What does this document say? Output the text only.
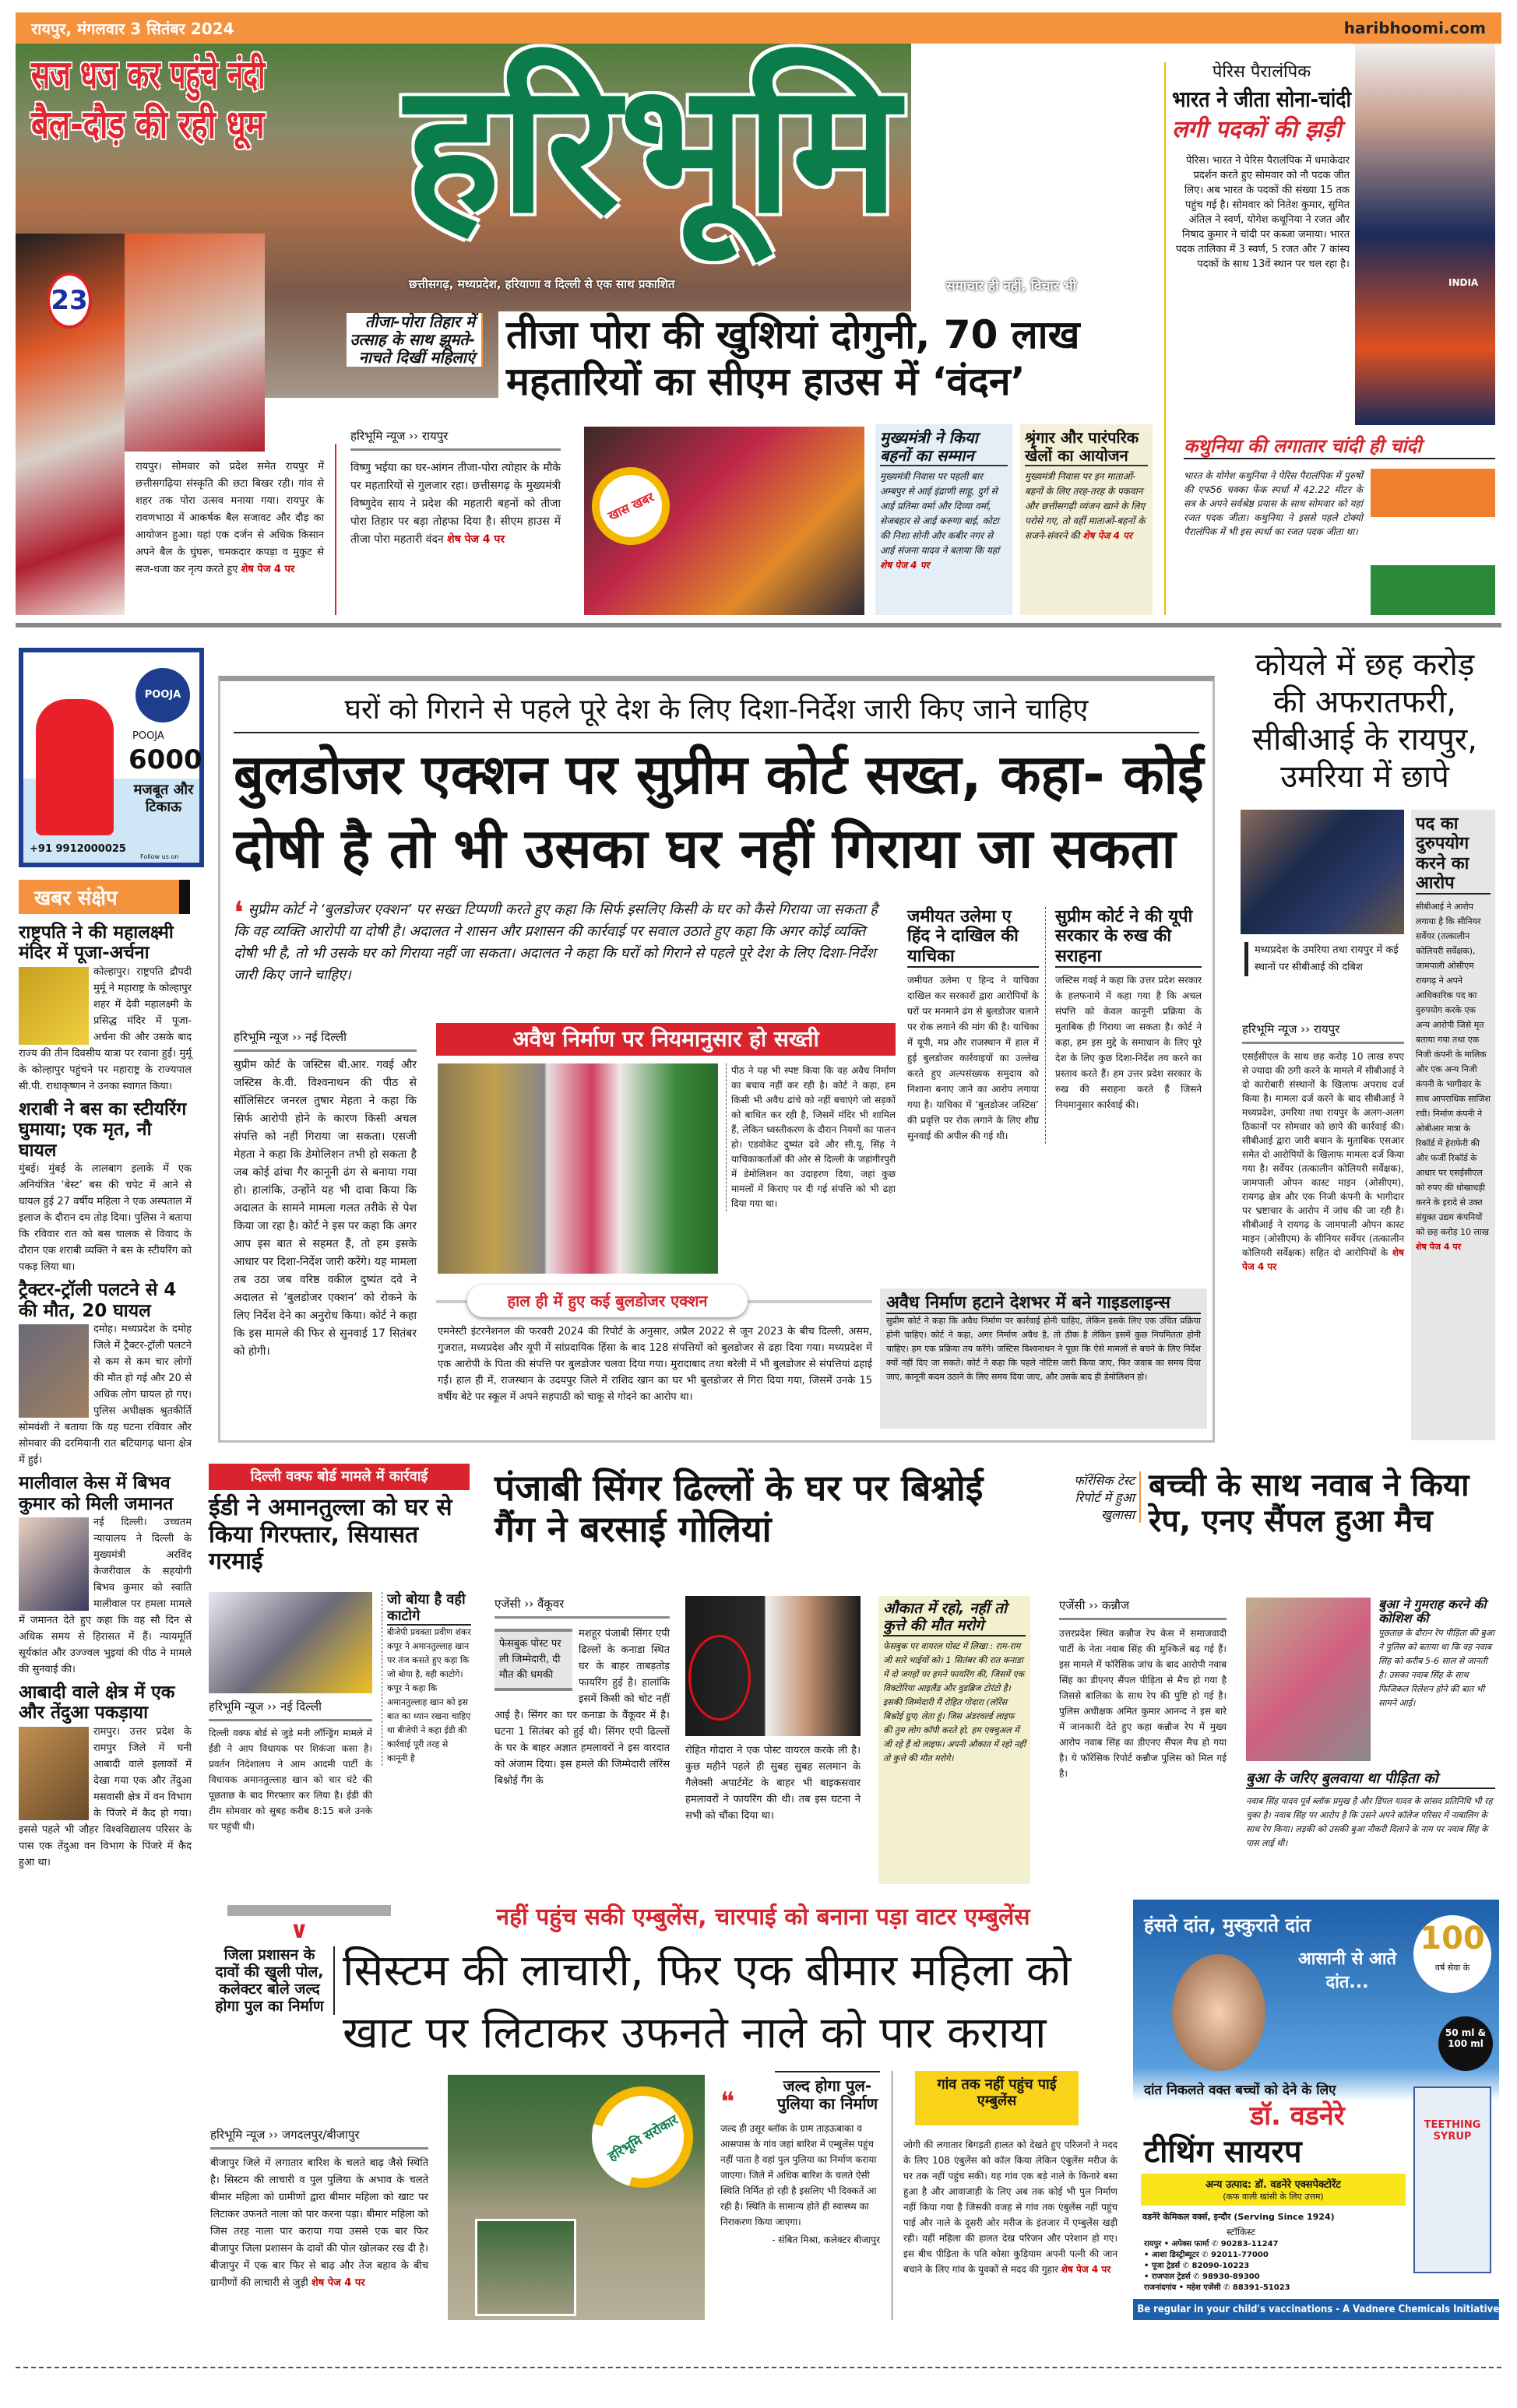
रायपुर, मंगलवार 3 सितंबर 2024	haribhoomi.com
23
सज धज कर पहुंचे नंदी
बैल-दौड़ की रही धूम हरिभूमि
छत्तीसगढ़, मध्यप्रदेश, हरियाणा व दिल्ली से एक साथ प्रकाशित	समाचार ही नहीं, विचार भी
रायपुर। सोमवार को प्रदेश समेत रायपुर में छत्तीसगढ़िया संस्कृति की छटा बिखर रही। गांव से शहर तक पोरा उत्सव मनाया गया। रायपुर के रावणभाठा में आकर्षक बैल सजावट और दौड़ का आयोजन हुआ। यहां एक दर्जन से अधिक किसान अपने बैल के घुंघरू, चमकदार कपड़ा व मुकुट से सज-धजा कर नृत्य करते हुए शेष पेज 4 पर
तीजा-पोरा तिहार में उत्साह के साथ झूमते-नाचते दिखीं महिलाएं तीजा पोरा की खुशियां दोगुनी, 70 लाख
महतारियों का सीएम हाउस में ‘वंदन’
हरिभूमि न्यूज ›› रायपुर
विष्णु भईया का घर-आंगन तीजा-पोरा त्योहार के मौके पर महतारियों से गुलजार रहा। छत्तीसगढ़ के मुख्यमंत्री विष्णुदेव साय ने प्रदेश की महतारी बहनों को तीजा पोरा तिहार पर बड़ा तोहफा दिया है। सीएम हाउस में तीजा पोरा महतारी वंदन शेष पेज 4 पर
खास खबर
मुख्यमंत्री ने किया बहनों का सम्मान
मुख्यमंत्री निवास पर पहली बार अम्बपुर से आई इंद्राणी साहू, दुर्ग से आई प्रतिमा वर्मा और दिव्या वर्मा, सेजबहार से आई करुणा बाई, कोटा की निशा सोनी और कबीर नगर से आई संजना यादव ने बताया कि यहां शेष पेज 4 पर
श्रृंगार और पारंपरिक खेलों का आयोजन
मुख्यमंत्री निवास पर इन माताओं-बहनों के लिए तरह-तरह के पकवान और छत्तीसगढ़ी व्यंजन खाने के लिए परोसे गए, तो वहीं माताओं-बहनों के सजने-संवरने की शेष पेज 4 पर
INDIA
पेरिस पैरालंपिक
भारत ने जीता सोना-चांदी
लगी पदकों की झड़ी
पेरिस। भारत ने पेरिस पैरालंपिक में धमाकेदार प्रदर्शन करते हुए सोमवार को नौ पदक जीत लिए। अब भारत के पदकों की संख्या 15 तक पहुंच गई है। सोमवार को नितेश कुमार, सुमित अंतिल ने स्वर्ण, योगेश कथूनिया ने रजत और निषाद कुमार ने चांदी पर कब्जा जमाया। भारत पदक तालिका में 3 स्वर्ण, 5 रजत और 7 कांस्य पदकों के साथ 13वें स्थान पर चल रहा है।
कथुनिया की लगातार चांदी ही चांदी
भारत के योगेश कथुनिया ने पेरिस पैरालंपिक में पुरुषों की एफ56 चक्का फेंक स्पर्धा में 42.22 मीटर के सत्र के अपने सर्वश्रेष्ठ प्रयास के साथ सोमवार को यहां रजत पदक जीता। कथुनिया ने इससे पहले टोक्यो पैरालंपिक में भी इस स्पर्धा का रजत पदक जीता था।
POOJA
POOJA
6000
मजबूत और टिकाऊ
+91 9912000025
Follow us on
खबर संक्षेप
राष्ट्रपति ने की महालक्ष्मी मंदिर में पूजा-अर्चना
कोल्हापुर। राष्ट्रपति द्रौपदी मुर्मू ने महाराष्ट्र के कोल्हापुर शहर में देवी महालक्ष्मी के प्रसिद्ध मंदिर में पूजा-अर्चना की और उसके बाद राज्य की तीन दिवसीय यात्रा पर रवाना हुईं। मुर्मू के कोल्हापुर पहुंचने पर महाराष्ट्र के राज्यपाल सी.पी. राधाकृष्णन ने उनका स्वागत किया।
शराबी ने बस का स्टीयरिंग घुमाया; एक मृत, नौ घायल
मुंबई। मुंबई के लालबाग इलाके में एक अनियंत्रित ‘बेस्ट’ बस की चपेट में आने से घायल हुई 27 वर्षीय महिला ने एक अस्पताल में इलाज के दौरान दम तोड़ दिया। पुलिस ने बताया कि रविवार रात को बस चालक से विवाद के दौरान एक शराबी व्यक्ति ने बस के स्टीयरिंग को पकड़ लिया था।
ट्रैक्टर-ट्रॉली पलटने से 4 की मौत, 20 घायल
दमोह। मध्यप्रदेश के दमोह जिले में ट्रैक्टर-ट्रॉली पलटने से कम से कम चार लोगों की मौत हो गई और 20 से अधिक लोग घायल हो गए। पुलिस अधीक्षक श्रुतकीर्ति सोमवंशी ने बताया कि यह घटना रविवार और सोमवार की दरमियानी रात बटियागढ़ थाना क्षेत्र में हुई।
मालीवाल केस में बिभव कुमार को मिली जमानत
नई दिल्ली। उच्चतम न्यायालय ने दिल्ली के मुख्यमंत्री अरविंद केजरीवाल के सहयोगी बिभव कुमार को स्वाति मालीवाल पर हमला मामले में जमानत देते हुए कहा कि वह सौ दिन से अधिक समय से हिरासत में हैं। न्यायमूर्ति सूर्यकांत और उज्ज्वल भुइयां की पीठ ने मामले की सुनवाई की।
आबादी वाले क्षेत्र में एक और तेंदुआ पकड़ाया
रामपुर। उत्तर प्रदेश के रामपुर जिले में घनी आबादी वाले इलाकों में देखा गया एक और तेंदुआ मसवासी क्षेत्र में वन विभाग के पिंजरे में कैद हो गया। इससे पहले भी जौहर विश्वविद्यालय परिसर के पास एक तेंदुआ वन विभाग के पिंजरे में कैद हुआ था।
घरों को गिराने से पहले पूरे देश के लिए दिशा-निर्देश जारी किए जाने चाहिए
बुलडोजर एक्शन पर सुप्रीम कोर्ट सख्त, कहा- कोई
दोषी है तो भी उसका घर नहीं गिराया जा सकता
❛ सुप्रीम कोर्ट ने ‘बुलडोजर एक्शन’ पर सख्त टिप्पणी करते हुए कहा कि सिर्फ इसलिए किसी के घर को कैसे गिराया जा सकता है कि वह व्यक्ति आरोपी या दोषी है। अदालत ने शासन और प्रशासन की कार्रवाई पर सवाल उठाते हुए कहा कि अगर कोई व्यक्ति दोषी भी है, तो भी उसके घर को गिराया नहीं जा सकता। अदालत ने कहा कि घरों को गिराने से पहले पूरे देश के लिए दिशा-निर्देश जारी किए जाने चाहिए।
हरिभूमि न्यूज ›› नई दिल्ली
सुप्रीम कोर्ट के जस्टिस बी.आर. गवई और जस्टिस के.वी. विश्वनाथन की पीठ से सॉलिसिटर जनरल तुषार मेहता ने कहा कि सिर्फ आरोपी होने के कारण किसी अचल संपत्ति को नहीं गिराया जा सकता। एसजी मेहता ने कहा कि डेमोलिशन तभी हो सकता है जब कोई ढांचा गैर कानूनी ढंग से बनाया गया हो। हालांकि, उन्होंने यह भी दावा किया कि अदालत के सामने मामला गलत तरीके से पेश किया जा रहा है। कोर्ट ने इस पर कहा कि अगर आप इस बात से सहमत हैं, तो हम इसके आधार पर दिशा-निर्देश जारी करेंगे। यह मामला तब उठा जब वरिष्ठ वकील दुष्यंत दवे ने अदालत से ‘बुलडोजर एक्शन’ को रोकने के लिए निर्देश देने का अनुरोध किया। कोर्ट ने कहा कि इस मामले की फिर से सुनवाई 17 सितंबर को होगी।
अवैध निर्माण पर नियमानुसार हो सख्ती
पीठ ने यह भी स्पष्ट किया कि वह अवैध निर्माण का बचाव नहीं कर रही है। कोर्ट ने कहा, हम किसी भी अवैध ढांचे को नहीं बचाएंगे जो सड़कों को बाधित कर रही है, जिसमें मंदिर भी शामिल हैं, लेकिन ध्वस्तीकरण के दौरान नियमों का पालन हो। एडवोकेट दुष्यंत दवे और सी.यू. सिंह ने याचिकाकर्ताओं की ओर से दिल्ली के जहांगीरपुरी में डेमोलिशन का उदाहरण दिया, जहां कुछ मामलों में किराए पर दी गई संपत्ति को भी ढहा दिया गया था।
हाल ही में हुए कई बुलडोजर एक्शन
एमनेस्टी इंटरनेशनल की फरवरी 2024 की रिपोर्ट के अनुसार, अप्रैल 2022 से जून 2023 के बीच दिल्ली, असम, गुजरात, मध्यप्रदेश और यूपी में सांप्रदायिक हिंसा के बाद 128 संपत्तियों को बुलडोजर से ढहा दिया गया। मध्यप्रदेश में एक आरोपी के पिता की संपत्ति पर बुलडोजर चलवा दिया गया। मुरादाबाद तथा बरेली में भी बुलडोजर से संपत्तियां ढहाई गईं। हाल ही में, राजस्थान के उदयपुर जिले में राशिद खान का घर भी बुलडोजर से गिरा दिया गया, जिसमें उनके 15 वर्षीय बेटे पर स्कूल में अपने सहपाठी को चाकू से गोदने का आरोप था।
जमीयत उलेमा ए हिंद ने दाखिल की याचिका
जमीयत उलेमा ए हिन्द ने याचिका दाखिल कर सरकारों द्वारा आरोपियों के घरों पर मनमाने ढंग से बुलडोजर चलाने पर रोक लगाने की मांग की है। याचिका में यूपी, मप्र और राजस्थान में हाल में हुई बुलडोजर कार्रवाइयों का उल्लेख करते हुए अल्पसंख्यक समुदाय को निशाना बनाए जाने का आरोप लगाया गया है। याचिका में ‘बुलडोजर जस्टिस’ की प्रवृत्ति पर रोक लगाने के लिए शीघ्र सुनवाई की अपील की गई थी।
सुप्रीम कोर्ट ने की यूपी सरकार के रुख की सराहना
जस्टिस गवई ने कहा कि उत्तर प्रदेश सरकार के हलफनामे में कहा गया है कि अचल संपत्ति को केवल कानूनी प्रक्रिया के मुताबिक ही गिराया जा सकता है। कोर्ट ने कहा, हम इस मुद्दे के समाधान के लिए पूरे देश के लिए कुछ दिशा-निर्देश तय करने का प्रस्ताव करते हैं। हम उत्तर प्रदेश सरकार के रुख की सराहना करते हैं जिसने नियमानुसार कार्रवाई की।
अवैध निर्माण हटाने देशभर में बने गाइडलाइन्स
सुप्रीम कोर्ट ने कहा कि अवैध निर्माण पर कार्रवाई होनी चाहिए, लेकिन इसके लिए एक उचित प्रक्रिया होनी चाहिए। कोर्ट ने कहा, अगर निर्माण अवैध है, तो ठीक है लेकिन इसमें कुछ नियमितता होनी चाहिए। हम एक प्रक्रिया तय करेंगे। जस्टिस विश्वनाथन ने पूछा कि ऐसे मामलों से बचने के लिए निर्देश क्यों नहीं दिए जा सकते। कोर्ट ने कहा कि पहले नोटिस जारी किया जाए, फिर जवाब का समय दिया जाए, कानूनी कदम उठाने के लिए समय दिया जाए, और उसके बाद ही डेमोलिशन हो।
कोयले में छह करोड़ की अफरातफरी, सीबीआई के रायपुर, उमरिया में छापे
पद का दुरुपयोग करने का आरोप
सीबीआई ने आरोप लगाया है कि सीनियर सर्वेयर (तत्कालीन कोलियरी सर्वेक्षक), जामपाली ओसीएम रायगढ़ ने अपने आधिकारिक पद का दुरुपयोग करके एक अन्य आरोपी जिसे मृत बताया गया तथा एक निजी कंपनी के मालिक और एक अन्य निजी कंपनी के भागीदार के साथ आपराधिक साजिश रची। निर्माण कंपनी ने ओबीआर मात्रा के रिकॉर्ड में हेराफेरी की और फर्जी रिकॉर्ड के आधार पर एसईसीएल को रुपए की धोखाधड़ी करने के इरादे से उक्त संयुक्त उद्यम कंपनियों को छह करोड़ 10 लाख शेष पेज 4 पर
मध्यप्रदेश के उमरिया तथा रायपुर में कई स्थानों पर सीबीआई की दबिश
हरिभूमि न्यूज ›› रायपुर
एसईसीएल के साथ छह करोड़ 10 लाख रुपए से ज्यादा की ठगी करने के मामले में सीबीआई ने दो कारोबारी संस्थानों के खिलाफ अपराध दर्ज किया है। मामला दर्ज करने के बाद सीबीआई ने मध्यप्रदेश, उमरिया तथा रायपुर के अलग-अलग ठिकानों पर सोमवार को छापे की कार्रवाई की। सीबीआई द्वारा जारी बयान के मुताबिक एसआर समेत दो आरोपियों के खिलाफ मामला दर्ज किया गया है। सर्वेयर (तत्कालीन कोलियरी सर्वेक्षक), जामपाली ओपन कास्ट माइन (ओसीएम), रायगढ़ क्षेत्र और एक निजी कंपनी के भागीदार पर भ्रष्टाचार के आरोप में जांच की जा रही है। सीबीआई ने रायगढ़ के जामपाली ओपन कास्ट माइन (ओसीएम) के सीनियर सर्वेयर (तत्कालीन कोलियरी सर्वेक्षक) सहित दो आरोपियों के शेष पेज 4 पर
दिल्ली वक्फ बोर्ड मामले में कार्रवाई
ईडी ने अमानतुल्ला को घर से किया गिरफ्तार, सियासत गरमाई
जो बोया है वही काटोगे
बीजेपी प्रवक्ता प्रवीण शंकर कपूर ने अमानतुल्लाह खान पर तंज कसते हुए कहा कि जो बोया है, वही काटोगे। कपूर ने कहा कि अमानतुल्लाह खान को इस बात का ध्यान रखना चाहिए था बीजेपी ने कहा ईडी की कार्रवाई पूरी तरह से कानूनी है
हरिभूमि न्यूज ›› नई दिल्ली
दिल्ली वक्फ बोर्ड से जुड़े मनी लॉन्ड्रिंग मामले में ईडी ने आप विधायक पर शिकंजा कसा है। प्रवर्तन निदेशालय ने आम आदमी पार्टी के विधायक अमानतुल्लाह खान को चार घंटे की पूछताछ के बाद गिरफ्तार कर लिया है। ईडी की टीम सोमवार को सुबह करीब 8:15 बजे उनके घर पहुंची थी।
पंजाबी सिंगर ढिल्लों के घर पर बिश्नोई गैंग ने बरसाई गोलियां
एजेंसी ›› वैंकूवर
फेसबुक पोस्ट पर ली जिम्मेदारी, दी मौत की धमकी
मशहूर पंजाबी सिंगर एपी ढिल्लों के कनाडा स्थित घर के बाहर ताबड़तोड़ फायरिंग हुई है। हालांकि इसमें किसी को चोट नहीं आई है। सिंगर का घर कनाडा के वैंकूवर में है। घटना 1 सितंबर को हुई थी। सिंगर एपी ढिल्लों के घर के बाहर अज्ञात हमलावरों ने इस वारदात को अंजाम दिया। इस हमले की जिम्मेदारी लॉरेंस बिश्नोई गैंग के
रोहित गोदारा ने एक पोस्ट वायरल करके ली है। कुछ महीने पहले ही सुबह सुबह सलमान के गैलेक्सी अपार्टमेंट के बाहर भी बाइकसवार हमलावरों ने फायरिंग की थी। तब इस घटना ने सभी को चौंका दिया था।
औकात में रहो, नहीं तो कुत्ते की मौत मरोगे
फेसबुक पर वायरल पोस्ट में लिखा : राम-राम जी सारे भाईयों को। 1 सितंबर की रात कनाडा में दो जगहों पर हमने फायरिंग की, जिसमें एक विक्टोरिया आइलैंड और वुडब्रिज टोरंटो है। इसकी जिम्मेदारी मैं रोहित गोदारा (लॉरेंस बिश्नोई ग्रुप) लेता हूं। जिस अंडरवर्ल्ड लाइफ की तुम लोग कॉपी करते हो, हम एक्चुअल में जी रहे हैं वो लाइफ। अपनी औकात में रहो नहीं तो कुत्ते की मौत मरोगे।
फॉरेंसिक टेस्ट रिपोर्ट में हुआ खुलासा
बच्ची के साथ नवाब ने किया रेप, एनए सैंपल हुआ मैच
एजेंसी ›› कन्नौज
उत्तरप्रदेश स्थित कन्नौज रेप केस में समाजवादी पार्टी के नेता नवाब सिंह की मुश्किलें बढ़ गई हैं। इस मामले में फॉरेंसिक जांच के बाद आरोपी नवाब सिंह का डीएनए सैंपल पीड़िता से मैच हो गया है जिससे बालिका के साथ रेप की पुष्टि हो गई है। पुलिस अधीक्षक अमित कुमार आनन्द ने इस बारे में जानकारी देते हुए कहा कन्नौज रेप में मुख्य आरोप नवाब सिंह का डीएनए सैंपल मैच हो गया है। ये फॉरेंसिक रिपोर्ट कन्नौज पुलिस को मिल गई है।
बुआ ने गुमराह करने की कोशिश की
पूछताछ के दौरान रेप पीड़िता की बुआ ने पुलिस को बताया था कि वह नवाब सिंह को करीब 5-6 साल से जानती है। उसका नवाब सिंह के साथ फिजिकल रिलेशन होने की बात भी सामने आई।
बुआ के जरिए बुलवाया था पीड़िता को
नवाब सिंह यादव पूर्व ब्लॉक प्रमुख है और डिंपल यादव के सांसद प्रतिनिधि भी रह चुका है। नवाब सिंह पर आरोप है कि उसने अपने कॉलेज परिसर में नाबालिग के साथ रेप किया। लड़की को उसकी बुआ नौकरी दिलाने के नाम पर नवाब सिंह के पास लाई थी।
∨	नहीं पहुंच सकी एम्बुलेंस, चारपाई को बनाना पड़ा वाटर एम्बुलेंस
जिला प्रशासन के दावों की खुली पोल, कलेक्टर बोले जल्द होगा पुल का निर्माण
सिस्टम की लाचारी, फिर एक बीमार महिला को
खाट पर लिटाकर उफनते नाले को पार कराया
हरिभूमि न्यूज ›› जगदलपुर/बीजापुर
बीजापुर जिले में लगातार बारिश के चलते बाढ़ जैसे स्थिति है। सिस्टम की लाचारी व पुल पुलिया के अभाव के चलते बीमार महिला को ग्रामीणों द्वारा बीमार महिला को खाट पर लिटाकर उफनते नाला को पार करना पड़ा। बीमार महिला को जिस तरह नाला पार कराया गया उससे एक बार फिर बीजापुर जिला प्रशासन के दावों की पोल खोलकर रख दी है। बीजापुर में एक बार फिर से बाढ़ और तेज बहाव के बीच ग्रामीणों की लाचारी से जुड़ी शेष पेज 4 पर
हरिभूमि सरोकार
❝
जल्द होगा पुल-पुलिया का निर्माण
जल्द ही उसूर ब्लॉक के ग्राम ताड़ऊबाका व आसपास के गांव जहां बारिश में एम्बुलेंस पहुंच नहीं पाता है वहां पुल पुलिया का निर्माण कराया जाएगा। जिले में अधिक बारिश के चलते ऐसी स्थिति निर्मित हो रही है इसलिए भी दिक्कतें आ रही है। स्थिति के सामान्य होते ही स्वास्थ्य का निराकरण किया जाएगा।
- संबित मिश्रा, कलेक्टर बीजापुर
गांव तक नहीं पहुंच पाई एम्बुलेंस
जोगी की लगातार बिगड़ती हालत को देखते हुए परिजनों ने मदद के लिए 108 एंबुलेंस को कॉल किया लेकिन एंबुलेंस मरीज के घर तक नहीं पहुंच सकी। यह गांव एक बड़े नाले के किनारे बसा हुआ है और आवाजाही के लिए अब तक कोई भी पुल निर्माण नहीं किया गया है जिसकी वजह से गांव तक एंबुलेंस नहीं पहुंच पाई और नाले के दूसरी ओर मरीज के इंतजार में एम्बुलेंस खड़ी रही। वहीं महिला की हालत देख परिजन और परेशान हो गए। इस बीच पीड़िता के पति कोसा कुड़ियाम अपनी पत्नी की जान बचाने के लिए गांव के युवकों से मदद की गुहार शेष पेज 4 पर
हंसते दांत, मुस्कुराते दांत
आसानी से आते दांत...
100
वर्ष सेवा के
50 ml & 100 ml
दांत निकलते वक्त बच्चों को देने के लिए
डॉ. वडनेरे
टीथिंग सायरप
अन्य उत्पाद: डॉ. वडनेरे एक्सपेक्टोरेंट
(कफ वाली खांसी के लिए उत्तम)
वडनेरे केमिकल वर्क्स, इन्दौर (Serving Since 1924)
स्टॉकिस्ट
रायपुर • अपेक्स फार्मा ✆ 90283-11247
• आशा डिस्ट्रीब्यूटर ✆ 92011-77000
• पूजा ट्रेडर्स ✆ 82090-10223
• राजपाल ट्रेडर्स ✆ 98930-89300
राजनांदगांव • महेश एजेंसी ✆ 88391-51023
TEETHING SYRUP
Be regular in your child's vaccinations - A Vadnere Chemicals Initiative
